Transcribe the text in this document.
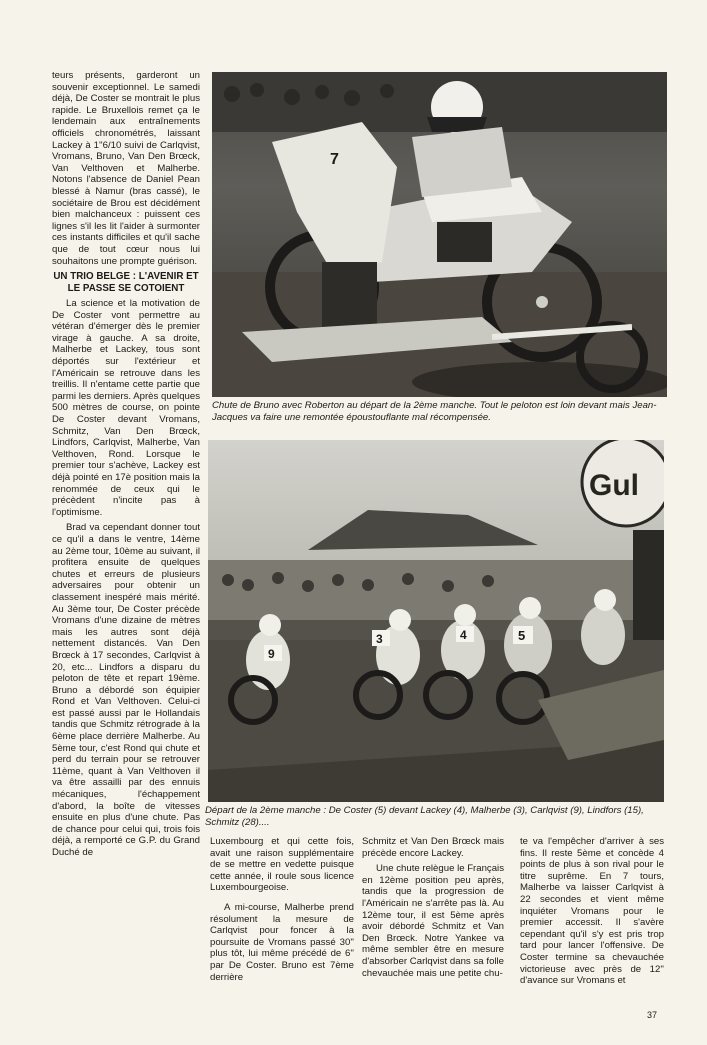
teurs présents, garderont un souvenir exceptionnel. Le samedi déjà, De Coster se montrait le plus rapide. Le Bruxellois remet ça le lendemain aux entraînements officiels chronométrés, laissant Lackey à 1''6/10 suivi de Carlqvist, Vromans, Bruno, Van Den Brœck, Van Velthoven et Malherbe. Notons l'absence de Daniel Pean blessé à Namur (bras cassé), le sociétaire de Brou est décidément bien malchanceux : puissent ces lignes s'il les lit l'aider à surmonter ces instants difficiles et qu'il sache que de tout cœur nous lui souhaitons une prompte guérison.

UN TRIO BELGE : L'AVENIR ET LE PASSE SE COTOIENT

La science et la motivation de De Coster vont permettre au vétéran d'émerger dès le premier virage à gauche. A sa droite, Malherbe et Lackey, tous sont déportés sur l'extérieur et l'Américain se retrouve dans les treillis. Il n'entame cette partie que parmi les derniers. Après quelques 500 mètres de course, on pointe De Coster devant Vromans, Schmitz, Van Den Brœck, Lindfors, Carlqvist, Malherbe, Van Velthoven, Rond. Lorsque le premier tour s'achève, Lackey est déjà pointé en 17è position mais la renommée de ceux qui le précèdent n'incite pas à l'optimisme.

Brad va cependant donner tout ce qu'il a dans le ventre, 14ème au 2ème tour, 10ème au suivant, il profitera ensuite de quelques chutes et erreurs de plusieurs adversaires pour obtenir un classement inespéré mais mérité. Au 3ème tour, De Coster précède Vromans d'une dizaine de mètres mais les autres sont déjà nettement distancés. Van Den Brœck à 17 secondes, Carlqvist à 20, etc... Lindfors a disparu du peloton de tête et repart 19ème. Bruno a débordé son équipier Rond et Van Velthoven. Celui-ci est passé aussi par le Hollandais tandis que Schmitz rétrograde à la 6ème place derrière Malherbe. Au 5ème tour, c'est Rond qui chute et perd du terrain pour se retrouver 11ème, quant à Van Velthoven il va être assailli par des ennuis mécaniques, l'échappement d'abord, la boîte de vitesses ensuite en plus d'une chute. Pas de chance pour celui qui, trois fois déjà, a remporté ce G.P. du Grand Duché de

7
Chute de Bruno avec Roberton au départ de la 2ème manche. Tout le peloton est loin devant mais Jean-Jacques va faire une remontée époustouflante mal récompensée.
Gul
9
3	4	5
Départ de la 2ème manche : De Coster (5) devant Lackey (4), Malherbe (3), Carlqvist (9), Lindfors (15), Schmitz (28)....

Luxembourg et qui cette fois, avait une raison supplémentaire de se mettre en vedette puisque cette année, il roule sous licence Luxembourgeoise.

A mi-course, Malherbe prend résolument la mesure de Carlqvist pour foncer à la poursuite de Vromans passé 30'' plus tôt, lui même précédé de 6'' par De Coster. Bruno est 7ème derrière

Schmitz et Van Den Brœck mais précède encore Lackey.

Une chute relègue le Français en 12ème position peu après, tandis que la progression de l'Américain ne s'arrête pas là. Au 12ème tour, il est 5ème après avoir débordé Schmitz et Van Den Brœck. Notre Yankee va même sembler être en mesure d'absorber Carlqvist dans sa folle chevauchée mais une petite chu-

te va l'empêcher d'arriver à ses fins. Il reste 5ème et concède 4 points de plus à son rival pour le titre suprême. En 7 tours, Malherbe va laisser Carlqvist à 22 secondes et vient même inquiéter Vromans pour le premier accessit. Il s'avère cependant qu'il s'y est pris trop tard pour lancer l'offensive. De Coster termine sa chevauchée victorieuse avec près de 12'' d'avance sur Vromans et

37
